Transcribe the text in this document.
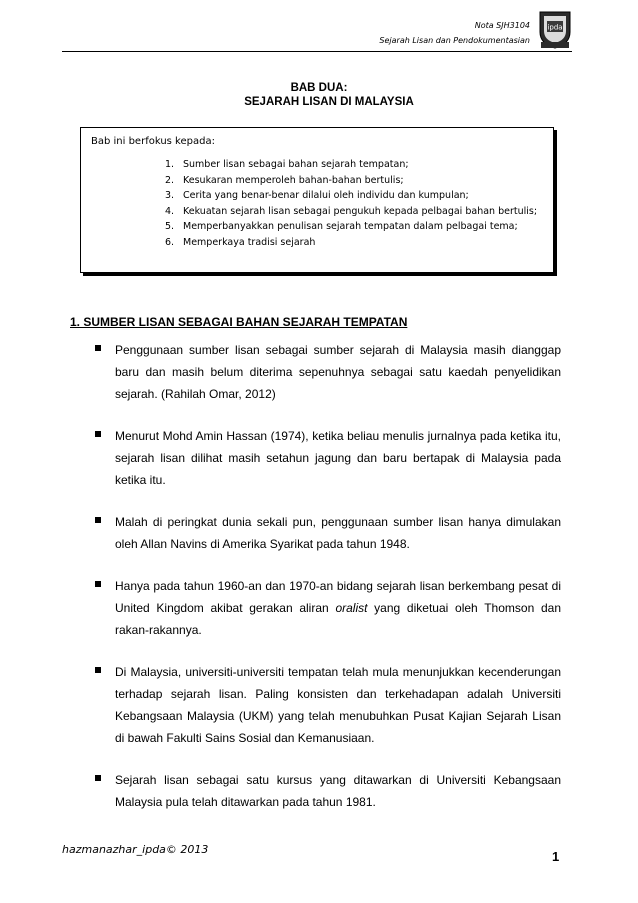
Nota SJH3104
Sejarah Lisan dan Pendokumentasian
ipda
BAB DUA:
SEJARAH LISAN DI MALAYSIA
Bab ini berfokus kepada:
1. Sumber lisan sebagai bahan sejarah tempatan;
2. Kesukaran memperoleh bahan-bahan bertulis;
3. Cerita yang benar-benar dilalui oleh individu dan kumpulan;
4. Kekuatan sejarah lisan sebagai pengukuh kepada pelbagai bahan bertulis;
5. Memperbanyakkan penulisan sejarah tempatan dalam pelbagai tema;
6. Memperkaya tradisi sejarah
1. SUMBER LISAN SEBAGAI BAHAN SEJARAH TEMPATAN
Penggunaan sumber lisan sebagai sumber sejarah di Malaysia masih dianggap baru dan masih belum diterima sepenuhnya sebagai satu kaedah penyelidikan sejarah. (Rahilah Omar, 2012)
Menurut Mohd Amin Hassan (1974), ketika beliau menulis jurnalnya pada ketika itu, sejarah lisan dilihat masih setahun jagung dan baru bertapak di Malaysia pada ketika itu.
Malah di peringkat dunia sekali pun, penggunaan sumber lisan hanya dimulakan oleh Allan Navins di Amerika Syarikat pada tahun 1948.
Hanya pada tahun 1960-an dan 1970-an bidang sejarah lisan berkembang pesat di United Kingdom akibat gerakan aliran oralist yang diketuai oleh Thomson dan rakan-rakannya.
Di Malaysia, universiti-universiti tempatan telah mula menunjukkan kecenderungan terhadap sejarah lisan. Paling konsisten dan terkehadapan adalah Universiti Kebangsaan Malaysia (UKM) yang telah menubuhkan Pusat Kajian Sejarah Lisan di bawah Fakulti Sains Sosial dan Kemanusiaan.
Sejarah lisan sebagai satu kursus yang ditawarkan di Universiti Kebangsaan Malaysia pula telah ditawarkan pada tahun 1981.
hazmanazhar_ipda© 2013	1
